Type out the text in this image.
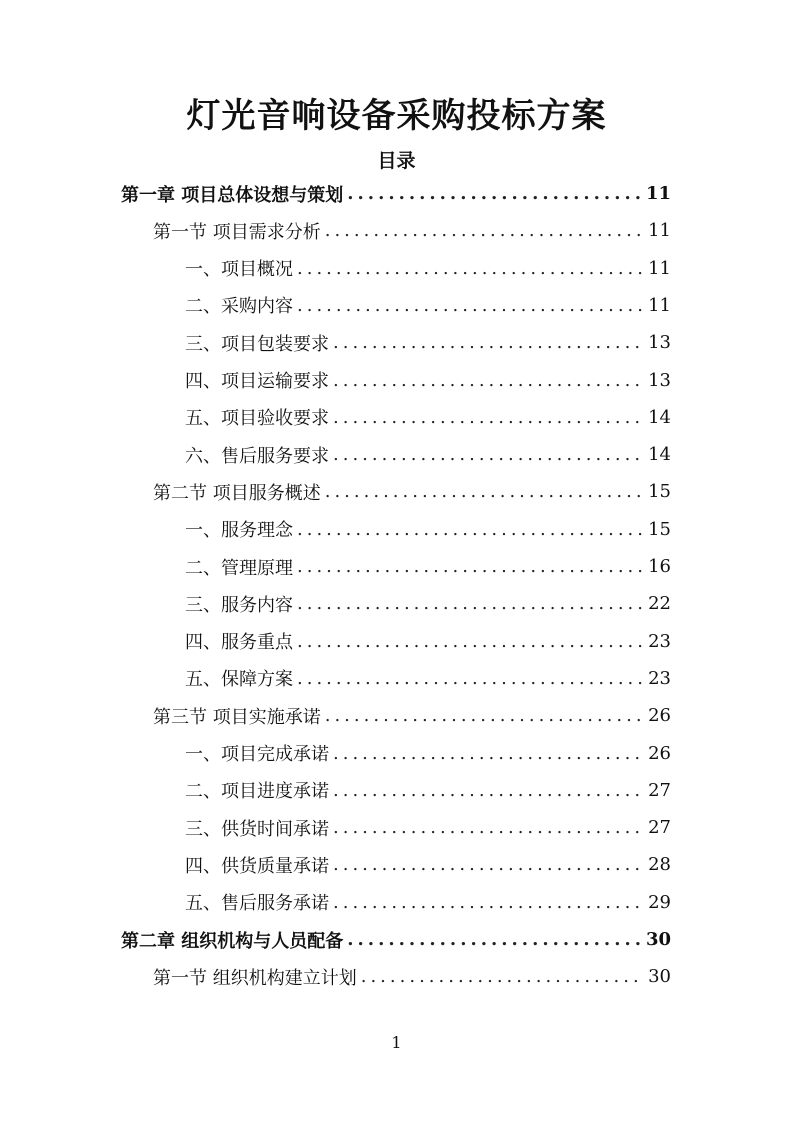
灯光音响设备采购投标方案
目录
第一章 项目总体设想与策划 .....	11
第一节 项目需求分析 .....	11
一、项目概况 .....	11
二、采购内容 .....	11
三、项目包装要求 .....	13
四、项目运输要求 .....	13
五、项目验收要求 .....	14
六、售后服务要求 .....	14
第二节 项目服务概述 .....	15
一、服务理念 .....	15
二、管理原理 .....	16
三、服务内容 .....	22
四、服务重点 .....	23
五、保障方案 .....	23
第三节 项目实施承诺 .....	26
一、项目完成承诺 .....	26
二、项目进度承诺 .....	27
三、供货时间承诺 .....	27
四、供货质量承诺 .....	28
五、售后服务承诺 .....	29
第二章 组织机构与人员配备 .....	30
第一节 组织机构建立计划 .....	30
1
